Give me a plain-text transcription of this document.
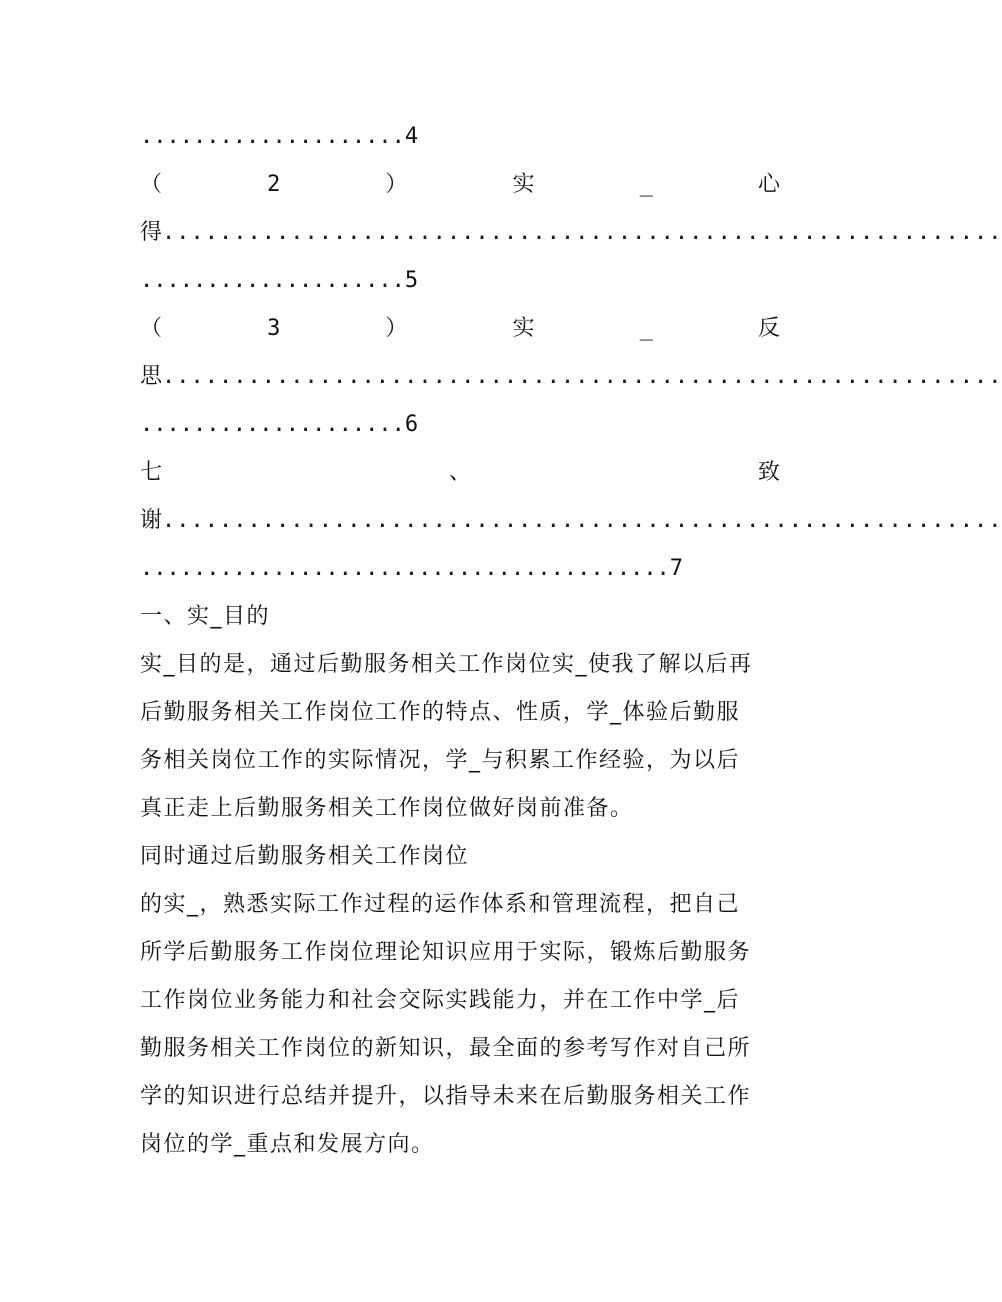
....................4
（	2	）	实	_	心
得 ...........................................................
....................5
（	3	）	实	_	反
思 ...........................................................
....................6
七	、	致
谢 ...........................................................
........................................7
一、实_目的
实_目的是，通过后勤服务相关工作岗位实_使我了解以后再
后勤服务相关工作岗位工作的特点、性质，学_体验后勤服
务相关岗位工作的实际情况，学_与积累工作经验，为以后
真正走上后勤服务相关工作岗位做好岗前准备。
同时通过后勤服务相关工作岗位
的实_，熟悉实际工作过程的运作体系和管理流程，把自己
所学后勤服务工作岗位理论知识应用于实际，锻炼后勤服务
工作岗位业务能力和社会交际实践能力，并在工作中学_后
勤服务相关工作岗位的新知识，最全面的参考写作对自己所
学的知识进行总结并提升，以指导未来在后勤服务相关工作
岗位的学_重点和发展方向。
